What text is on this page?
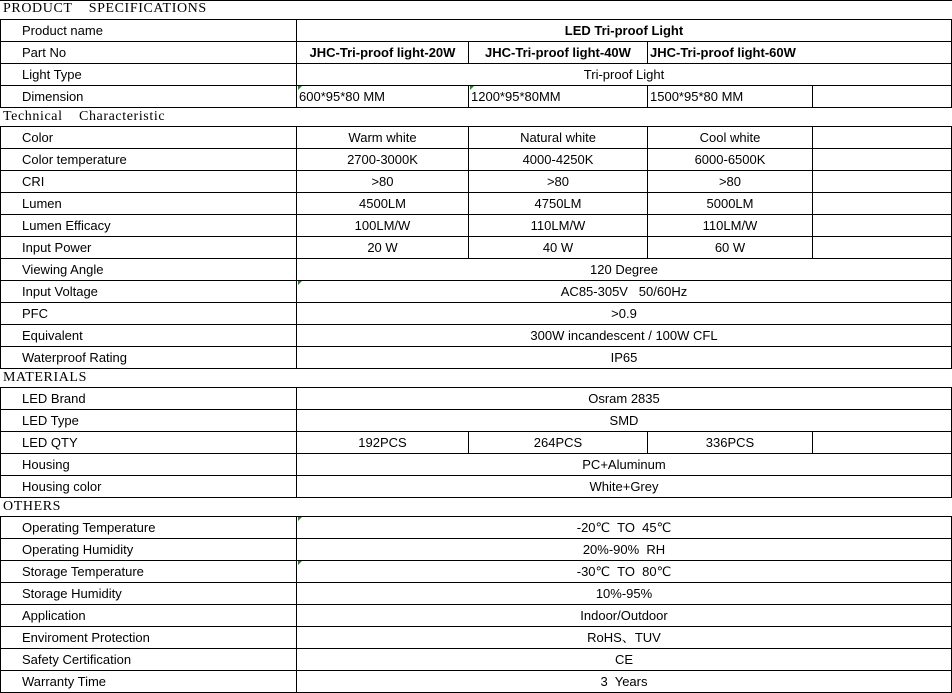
PRODUCT    SPECIFICATIONS
Product name	LED Tri-proof Light
Part No	JHC-Tri-proof light-20W	JHC-Tri-proof light-40W	JHC-Tri-proof light-60W
Light Type	Tri-proof Light
Dimension	600*95*80 MM	1200*95*80MM	1500*95*80 MM
Technical    Characteristic
Color	Warm white	Natural white	Cool white
Color temperature	2700-3000K	4000-4250K	6000-6500K
CRI	>80	>80	>80
Lumen	4500LM	4750LM	5000LM
Lumen Efficacy	100LM/W	110LM/W	110LM/W
Input Power	20 W	40 W	60 W
Viewing Angle	120 Degree
Input Voltage	AC85-305V   50/60Hz
PFC	>0.9
Equivalent	300W incandescent / 100W CFL
Waterproof Rating	IP65
MATERIALS
LED Brand	Osram 2835
LED Type	SMD
LED QTY	192PCS	264PCS	336PCS
Housing	PC+Aluminum
Housing color	White+Grey
OTHERS
Operating Temperature	-20℃  TO  45℃
Operating Humidity	20%-90%  RH
Storage Temperature	-30℃  TO  80℃
Storage Humidity	10%-95%
Application	Indoor/Outdoor
Enviroment Protection	RoHS、TUV
Safety Certification	CE
Warranty Time	3  Years
